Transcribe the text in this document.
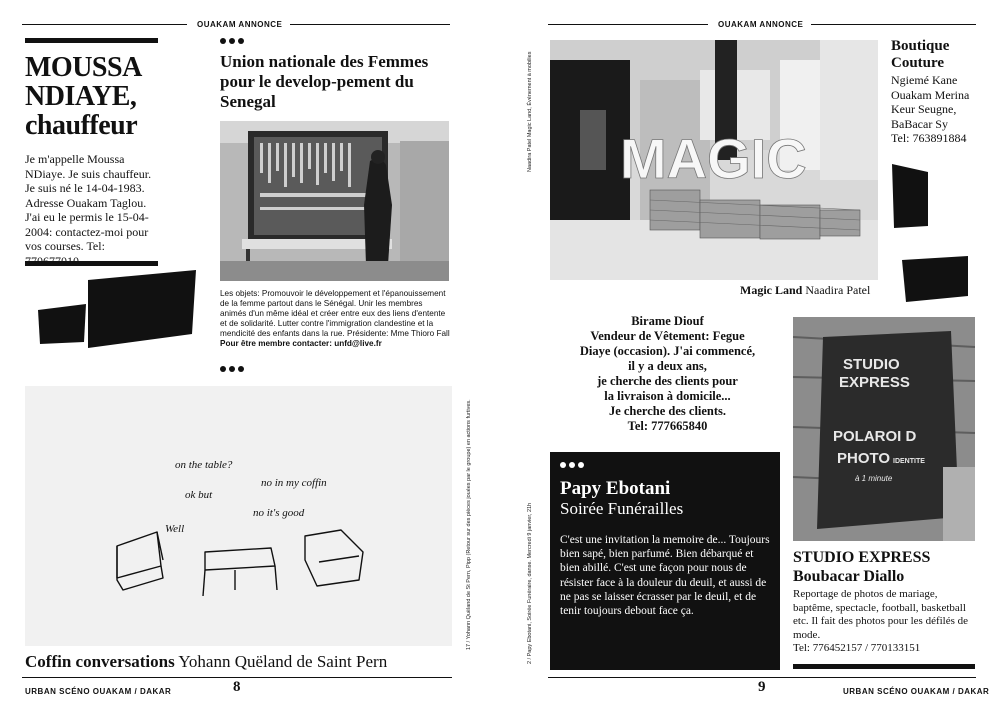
OUAKAM ANNONCE
MOUSSA
NDIAYE,
chauffeur
Je m'appelle Moussa NDiaye. Je suis chauffeur. Je suis né le 14-04-1983. Adresse Ouakam Taglou. J'ai eu le permis le 15-04-2004: contactez-moi pour vos courses. Tel:
Union nationale des Femmes pour le develop-pement du Senegal

Les objets: Promouvoir le développement et l'épanouissement de la femme partout dans le Sénégal. Unir les membres animés d'un même idéal et créer entre eux des liens d'entente et de solidarité. Lutter contre l'immigration clandestine et la mendicité des enfants dans la rue. Présidente: Mme Thioro Fall

Pour être membre contacter: unfd@live.fr

on the table?
no in my coffin
ok but
no it's good
Well
Coffin conversations Yohann Quëland de Saint Pern
17 / Yohann Quëland de St Pern, Pipp (Retour sur des pièces jouées par le groupe) en actions furtives.
URBAN SCÉNO OUAKAM / DAKAR	8
OUAKAM ANNONCE
Naadira Patel Magic Land, Événement à mobilies MAGIC
Magic Land Naadira Patel
Boutique
Couture
Ngiemé Kane
Ouakam Merina
Keur Seugne,
BaBacar Sy
Tel: 763891884
Birame Diouf
Vendeur de Vêtement: Fegue
Diaye (occasion). J'ai commencé,
il y a deux ans,
je cherche des clients pour
la livraison à domicile...
Je cherche des clients.
Tel: 777665840
2 / Papy Ebotani, Soirée Funéraire, danse. Mercredi 9 janvier, 21h
Papy Ebotani
Soirée Funérailles
C'est une invitation la memoire de... Toujours bien sapé, bien parfumé. Bien débarqué et bien abillé. C'est une façon pour nous de résister face à la douleur du deuil, et aussi de ne pas se laisser écrasser par le deuil, et de tenir toujours debout face ça.
STUDIO
EXPRESS
POLAROI D
PHOTO IDENTITE
à 1 minute
STUDIO EXPRESS
Boubacar Diallo

Reportage de photos de mariage, baptême, spectacle, football, basketball etc. Il fait des photos pour les défilés de mode.

Tel: 776452157 / 770133151

9	URBAN SCÉNO OUAKAM / DAKAR
